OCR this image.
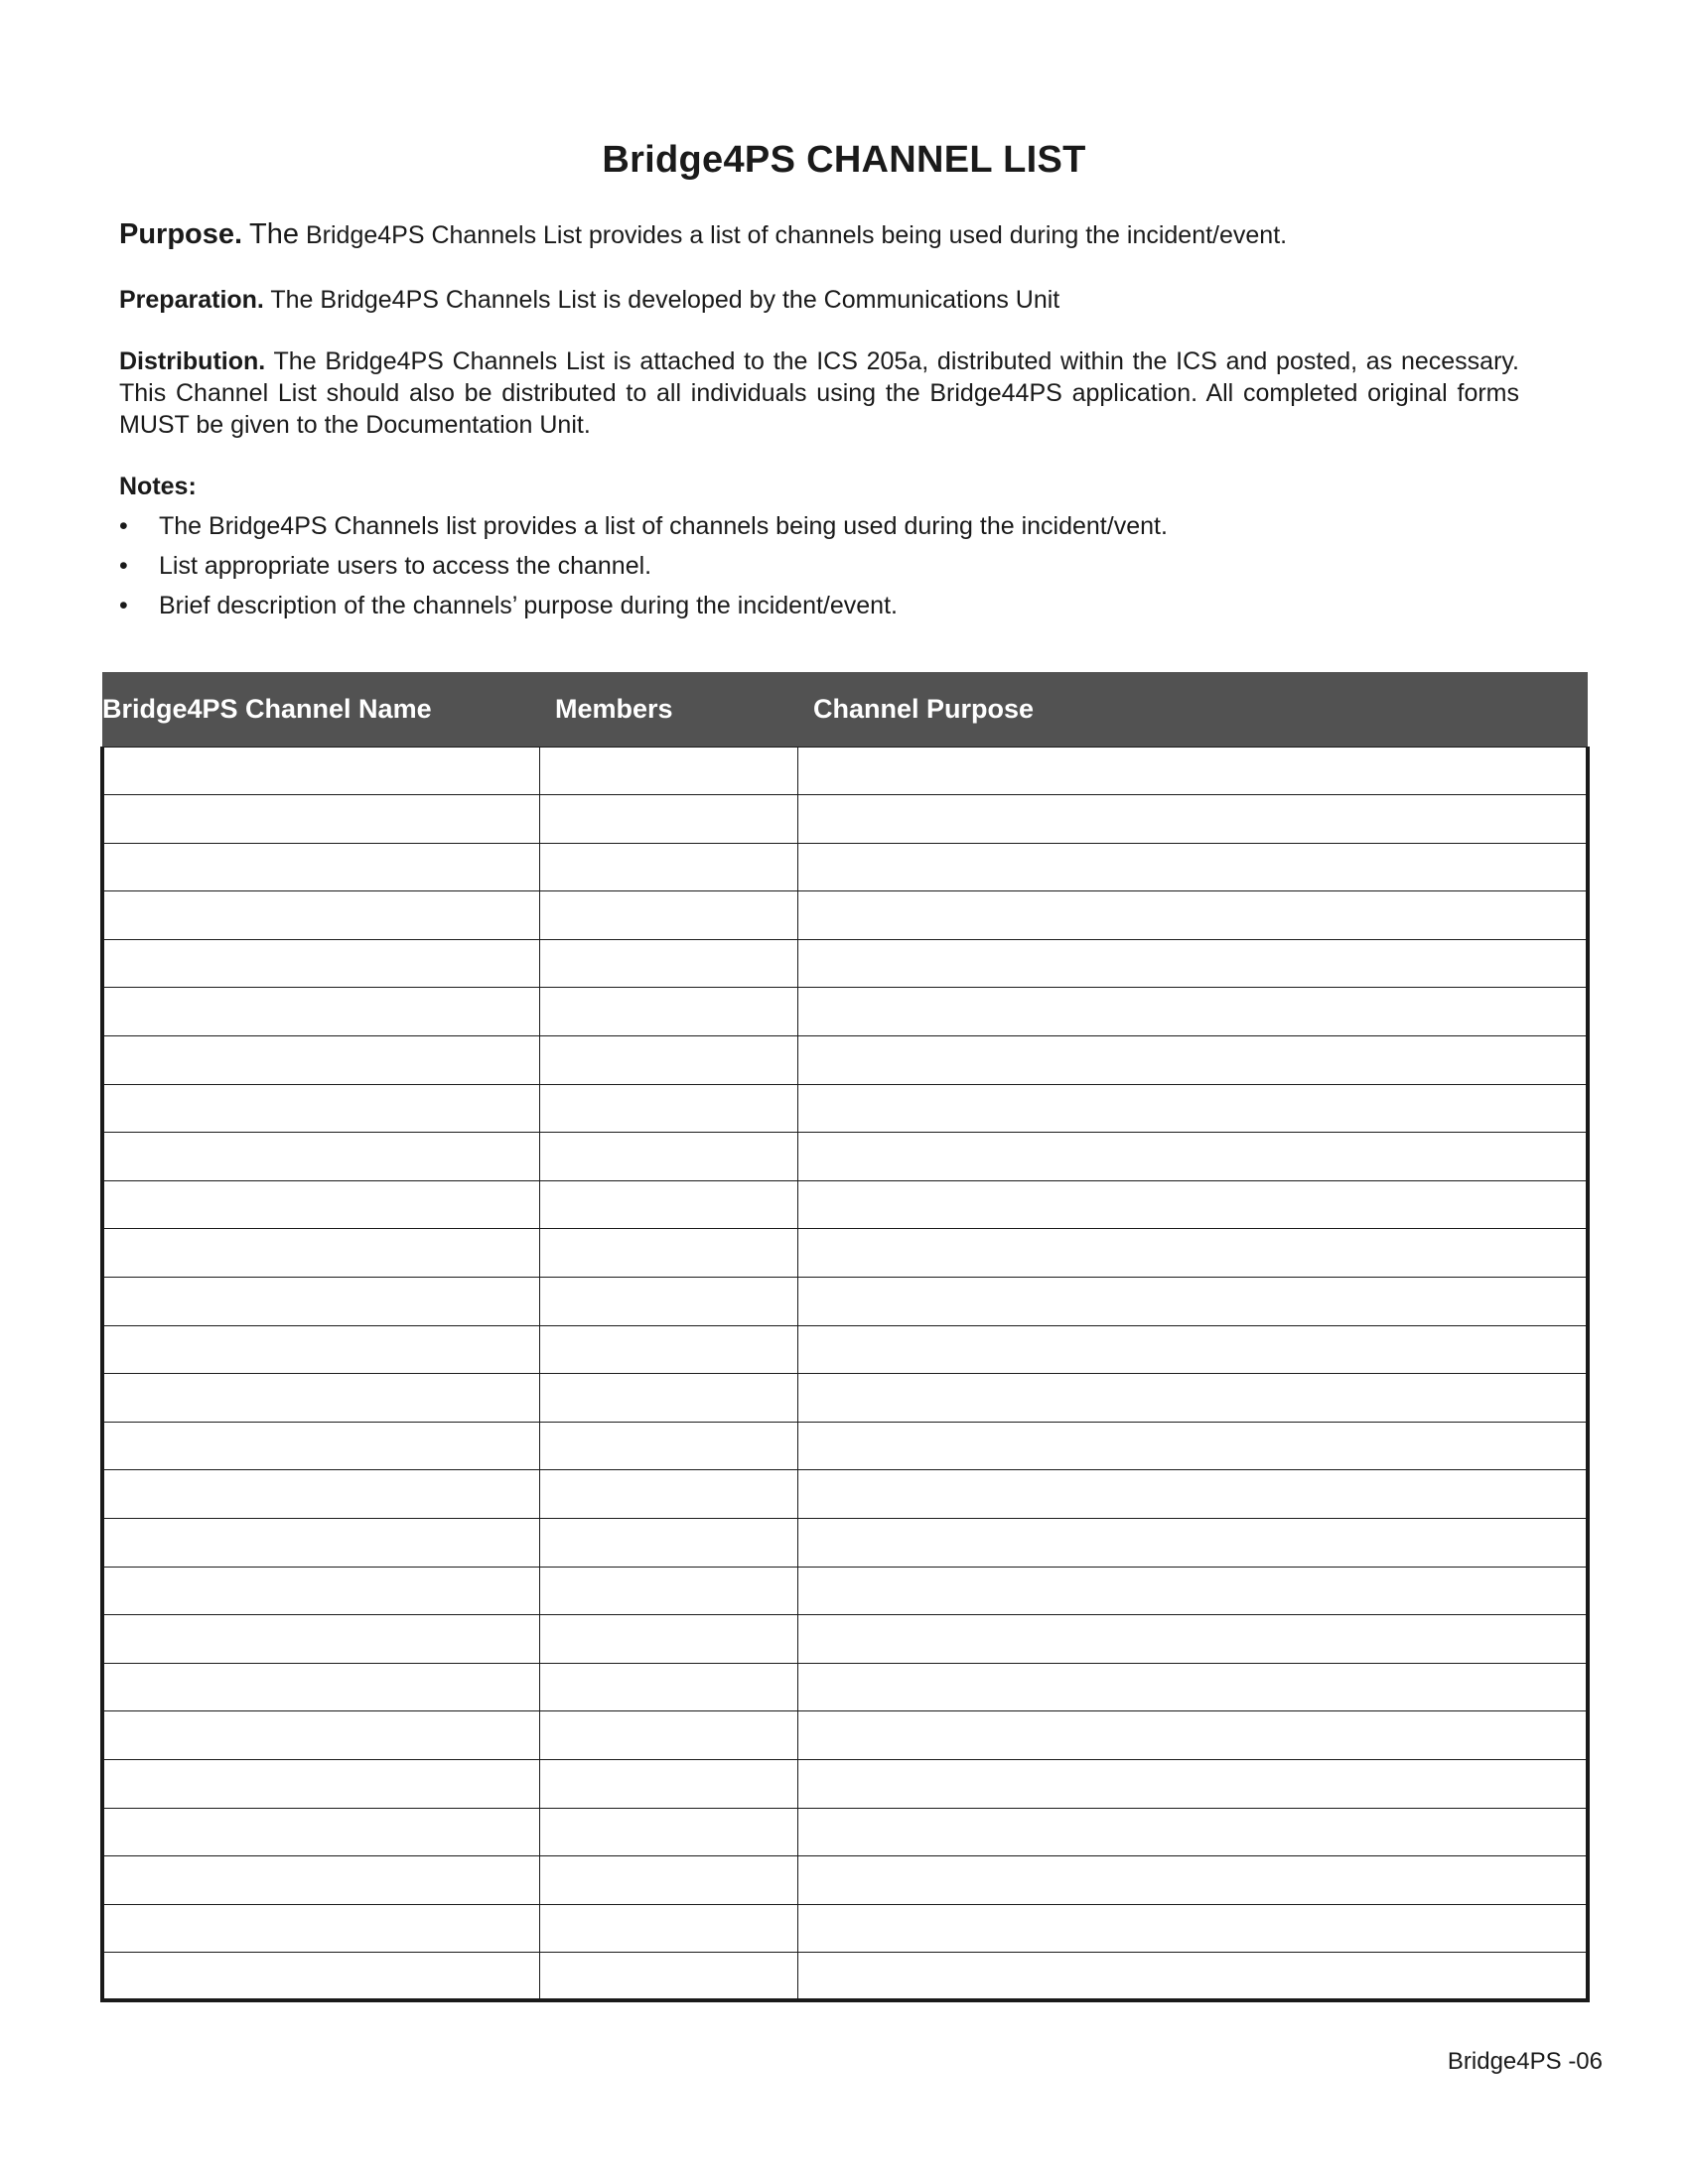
Bridge4PS CHANNEL LIST
Purpose. The Bridge4PS Channels List provides a list of channels being used during the incident/event.
Preparation. The Bridge4PS Channels List is developed by the Communications Unit
Distribution. The Bridge4PS Channels List is attached to the ICS 205a, distributed within the ICS and posted, as necessary. This Channel List should also be distributed to all individuals using the Bridge44PS application. All completed original forms MUST be given to the Documentation Unit.
Notes:
• The Bridge4PS Channels list provides a list of channels being used during the incident/vent.
• List appropriate users to access the channel.
• Brief description of the channels’ purpose during the incident/event.
Bridge4PS Channel Name	Members	Channel Purpose

Bridge4PS -06
